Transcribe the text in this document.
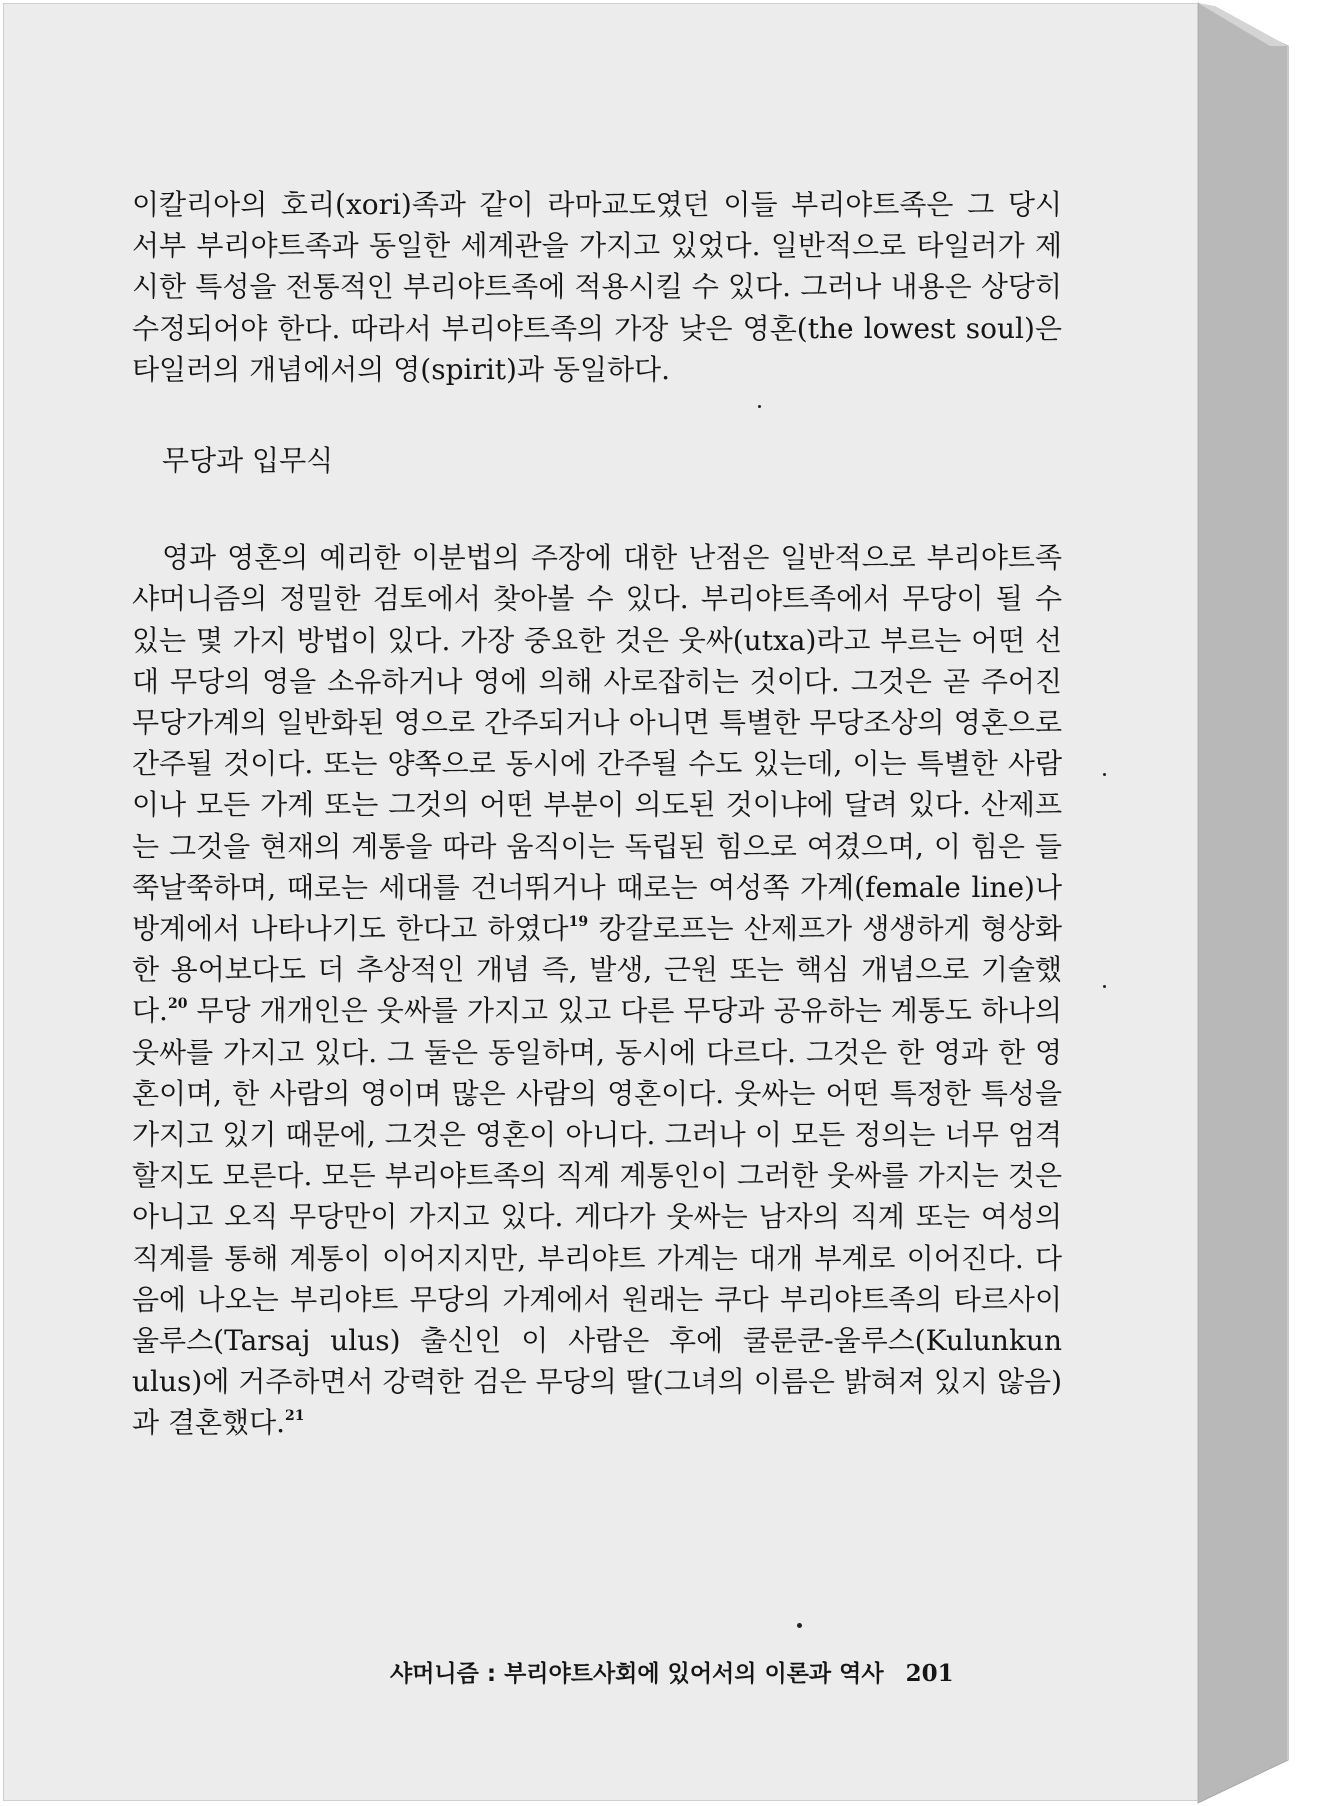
이칼리아의 호리(xori)족과 같이 라마교도였던 이들 부리야트족은 그 당시 서부 부리야트족과 동일한 세계관을 가지고 있었다. 일반적으로 타일러가 제시한 특성을 전통적인 부리야트족에 적용시킬 수 있다. 그러나 내용은 상당히 수정되어야 한다. 따라서 부리야트족의 가장 낮은 영혼(the lowest soul)은 타일러의 개념에서의 영(spirit)과 동일하다.

무당과 입무식

영과 영혼의 예리한 이분법의 주장에 대한 난점은 일반적으로 부리야트족 샤머니즘의 정밀한 검토에서 찾아볼 수 있다. 부리야트족에서 무당이 될 수 있는 몇 가지 방법이 있다. 가장 중요한 것은 웃싸(utxa)라고 부르는 어떤 선대 무당의 영을 소유하거나 영에 의해 사로잡히는 것이다. 그것은 곧 주어진 무당가계의 일반화된 영으로 간주되거나 아니면 특별한 무당조상의 영혼으로 간주될 것이다. 또는 양쪽으로 동시에 간주될 수도 있는데, 이는 특별한 사람이나 모든 가계 또는 그것의 어떤 부분이 의도된 것이냐에 달려 있다. 산제프는 그것을 현재의 계통을 따라 움직이는 독립된 힘으로 여겼으며, 이 힘은 들쭉날쭉하며, 때로는 세대를 건너뛰거나 때로는 여성쪽 가계(female line)나 방계에서 나타나기도 한다고 하였다$^{19}$ 캉갈로프는 산제프가 생생하게 형상화한 용어보다도 더 추상적인 개념 즉, 발생, 근원 또는 핵심 개념으로 기술했다.$^{20}$ 무당 개개인은 웃싸를 가지고 있고 다른 무당과 공유하는 계통도 하나의 웃싸를 가지고 있다. 그 둘은 동일하며, 동시에 다르다. 그것은 한 영과 한 영혼이며, 한 사람의 영이며 많은 사람의 영혼이다. 웃싸는 어떤 특정한 특성을 가지고 있기 때문에, 그것은 영혼이 아니다. 그러나 이 모든 정의는 너무 엄격할지도 모른다. 모든 부리야트족의 직계 계통인이 그러한 웃싸를 가지는 것은 아니고 오직 무당만이 가지고 있다. 게다가 웃싸는 남자의 직계 또는 여성의 직계를 통해 계통이 이어지지만, 부리야트 가계는 대개 부계로 이어진다. 다음에 나오는 부리야트 무당의 가계에서 원래는 쿠다 부리야트족의 타르사이 울루스(Tarsaj ulus) 출신인 이 사람은 후에 쿨룬쿤-울루스(Kulunkun ulus)에 거주하면서 강력한 검은 무당의 딸(그녀의 이름은 밝혀져 있지 않음)과 결혼했다.$^{21}$

샤머니즘 : 부리야트사회에 있어서의 이론과 역사 201
